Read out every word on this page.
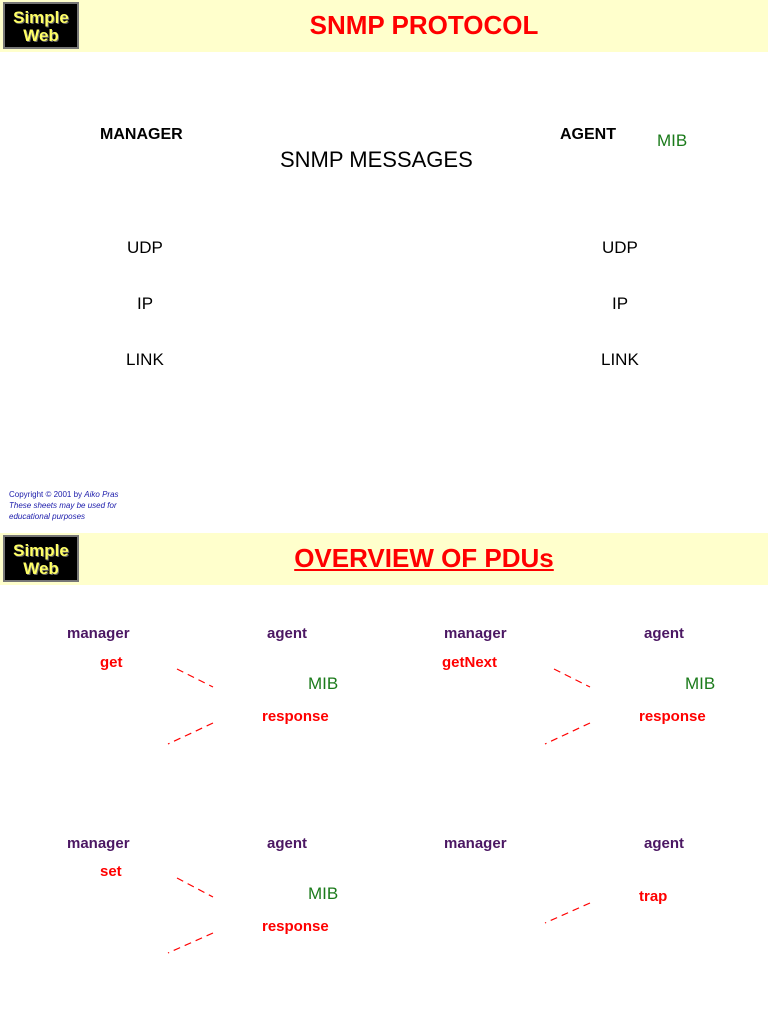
Simple
Web	SNMP PROTOCOL
MANAGER	AGENT MIB
SNMP MESSAGES
UDP
IP
LINK
UDP
IP
LINK
Copyright © 2001 by Aiko Pras
These sheets may be used for
educational purposes
Simple
Web	OVERVIEW OF PDUs
manager	agent
get
MIB
response
manager	agent
getNext
MIB
response
manager	agent
set
MIB
response
manager	agent
trap
